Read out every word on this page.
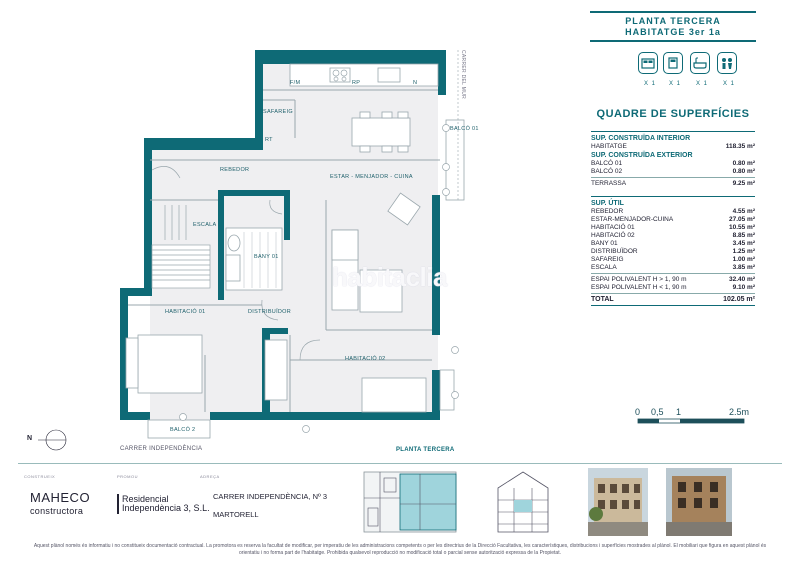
PLANTA TERCERA
HABITATGE 3er 1a
X 1 X 1 X 1 X 1
QUADRE DE SUPERFÍCIES
SUP. CONSTRUÏDA INTERIOR
HABITATGE	118.35 m²
SUP. CONSTRUÏDA EXTERIOR
BALCÓ 01	0.80 m²
BALCÓ 02	0.80 m²
TERRASSA	9.25 m²
SUP. ÚTIL
REBEDOR	4.55 m²
ESTAR-MENJADOR-CUINA	27.05 m²
HABITACIÓ 01	10.55 m²
HABITACIÓ 02	8.85 m²
BANY 01	3.45 m²
DISTRIBUÏDOR	1.25 m²
SAFAREIG	1.00 m²
ESCALA	3.85 m²
ESPAI POLIVALENT H > 1, 90 m	32.40 m²
ESPAI POLIVALENT H < 1, 90 m	9.10 m²
TOTAL	102.05 m²
0 0,5 1	2.5m
F/M	RP	N
SAFAREIG
RT
BALCÓ 01
REBEDOR
ESTAR - MENJADOR - CUINA
ESCALA
BANY 01
HABITACIÓ 01	DISTRIBUÏDOR
HABITACIÓ 02
BALCÓ 2
CARRER DEL MUR
CARRER INDEPENDÈNCIA
N
habitaclia
PLANTA TERCERA
CONSTRUEIX	PROMOU	ADREÇA
MAHECO
constructora
Residencial
Independència 3, S.L.
CARRER INDEPENDÈNCIA, Nº 3
MARTORELL
Aquest plànol només és informatiu i no constitueix documentació contractual. La promotora es reserva la facultat de modificar, per imperatiu de les administracions competents o per les directrius de la Direcció Facultativa, les característiques, distribucions i superfícies mostrades al plànol. El mobiliari que figura en aquest plànol és orientatiu i no forma part de l'habitatge. Prohibida qualsevol reproducció no modificació total o parcial sense autorització expressa de la Propietat.
